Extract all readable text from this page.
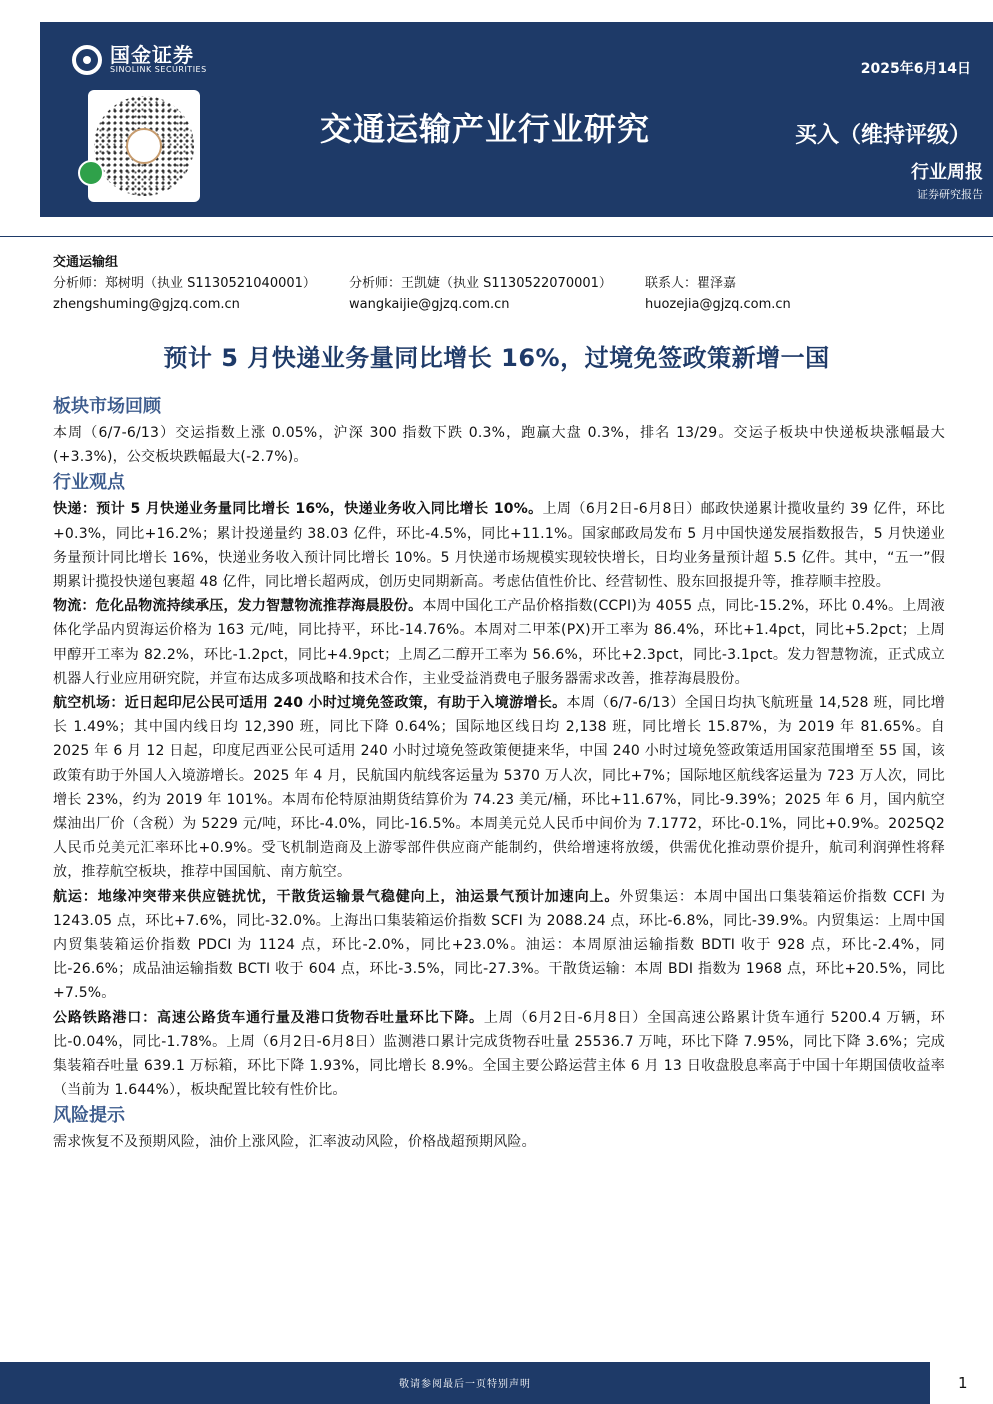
国金证券
SINOLINK SECURITIES	2025年6月14日
交通运输产业行业研究	买入（维持评级）
行业周报
证券研究报告
交通运输组
分析师：郑树明（执业 S1130521040001）	分析师：王凯婕（执业 S1130522070001）	联系人：瞿泽嘉
zhengshuming@gjzq.com.cn	wangkaijie@gjzq.com.cn	huozejia@gjzq.com.cn
预计 5 月快递业务量同比增长 16%，过境免签政策新增一国
板块市场回顾

本周（6/7-6/13）交运指数上涨 0.05%，沪深 300 指数下跌 0.3%，跑赢大盘 0.3%，排名 13/29。交运子板块中快递板块涨幅最大(+3.3%)，公交板块跌幅最大(-2.7%)。

行业观点

快递：预计 5 月快递业务量同比增长 16%，快递业务收入同比增长 10%。上周（6月2日-6月8日）邮政快递累计揽收量约 39 亿件，环比+0.3%，同比+16.2%；累计投递量约 38.03 亿件，环比-4.5%，同比+11.1%。国家邮政局发布 5 月中国快递发展指数报告，5 月快递业务量预计同比增长 16%，快递业务收入预计同比增长 10%。5 月快递市场规模实现较快增长，日均业务量预计超 5.5 亿件。其中，“五一”假期累计揽投快递包裹超 48 亿件，同比增长超两成，创历史同期新高。考虑估值性价比、经营韧性、股东回报提升等，推荐顺丰控股。

物流：危化品物流持续承压，发力智慧物流推荐海晨股份。本周中国化工产品价格指数(CCPI)为 4055 点，同比-15.2%，环比 0.4%。上周液体化学品内贸海运价格为 163 元/吨，同比持平，环比-14.76%。本周对二甲苯(PX)开工率为 86.4%，环比+1.4pct，同比+5.2pct；上周甲醇开工率为 82.2%，环比-1.2pct，同比+4.9pct；上周乙二醇开工率为 56.6%，环比+2.3pct，同比-3.1pct。发力智慧物流，正式成立机器人行业应用研究院，并宣布达成多项战略和技术合作，主业受益消费电子服务器需求改善，推荐海晨股份。

航空机场：近日起印尼公民可适用 240 小时过境免签政策，有助于入境游增长。本周（6/7-6/13）全国日均执飞航班量 14,528 班，同比增长 1.49%；其中国内线日均 12,390 班，同比下降 0.64%；国际地区线日均 2,138 班，同比增长 15.87%，为 2019 年 81.65%。自 2025 年 6 月 12 日起，印度尼西亚公民可适用 240 小时过境免签政策便捷来华，中国 240 小时过境免签政策适用国家范围增至 55 国，该政策有助于外国人入境游增长。2025 年 4 月，民航国内航线客运量为 5370 万人次，同比+7%；国际地区航线客运量为 723 万人次，同比增长 23%，约为 2019 年 101%。本周布伦特原油期货结算价为 74.23 美元/桶，环比+11.67%，同比-9.39%；2025 年 6 月，国内航空煤油出厂价（含税）为 5229 元/吨，环比-4.0%，同比-16.5%。本周美元兑人民币中间价为 7.1772，环比-0.1%，同比+0.9%。2025Q2 人民币兑美元汇率环比+0.9%。受飞机制造商及上游零部件供应商产能制约，供给增速将放缓，供需优化推动票价提升，航司利润弹性将释放，推荐航空板块，推荐中国国航、南方航空。

航运：地缘冲突带来供应链扰忧，干散货运输景气稳健向上，油运景气预计加速向上。外贸集运：本周中国出口集装箱运价指数 CCFI 为 1243.05 点，环比+7.6%，同比-32.0%。上海出口集装箱运价指数 SCFI 为 2088.24 点，环比-6.8%，同比-39.9%。内贸集运：上周中国内贸集装箱运价指数 PDCI 为 1124 点，环比-2.0%，同比+23.0%。油运：本周原油运输指数 BDTI 收于 928 点，环比-2.4%，同比-26.6%；成品油运输指数 BCTI 收于 604 点，环比-3.5%，同比-27.3%。干散货运输：本周 BDI 指数为 1968 点，环比+20.5%，同比+7.5%。

公路铁路港口：高速公路货车通行量及港口货物吞吐量环比下降。上周（6月2日-6月8日）全国高速公路累计货车通行 5200.4 万辆，环比-0.04%，同比-1.78%。上周（6月2日-6月8日）监测港口累计完成货物吞吐量 25536.7 万吨，环比下降 7.95%，同比下降 3.6%；完成集装箱吞吐量 639.1 万标箱，环比下降 1.93%，同比增长 8.9%。全国主要公路运营主体 6 月 13 日收盘股息率高于中国十年期国债收益率（当前为 1.644%），板块配置比较有性价比。

风险提示

需求恢复不及预期风险，油价上涨风险，汇率波动风险，价格战超预期风险。

敬请参阅最后一页特别声明	1
